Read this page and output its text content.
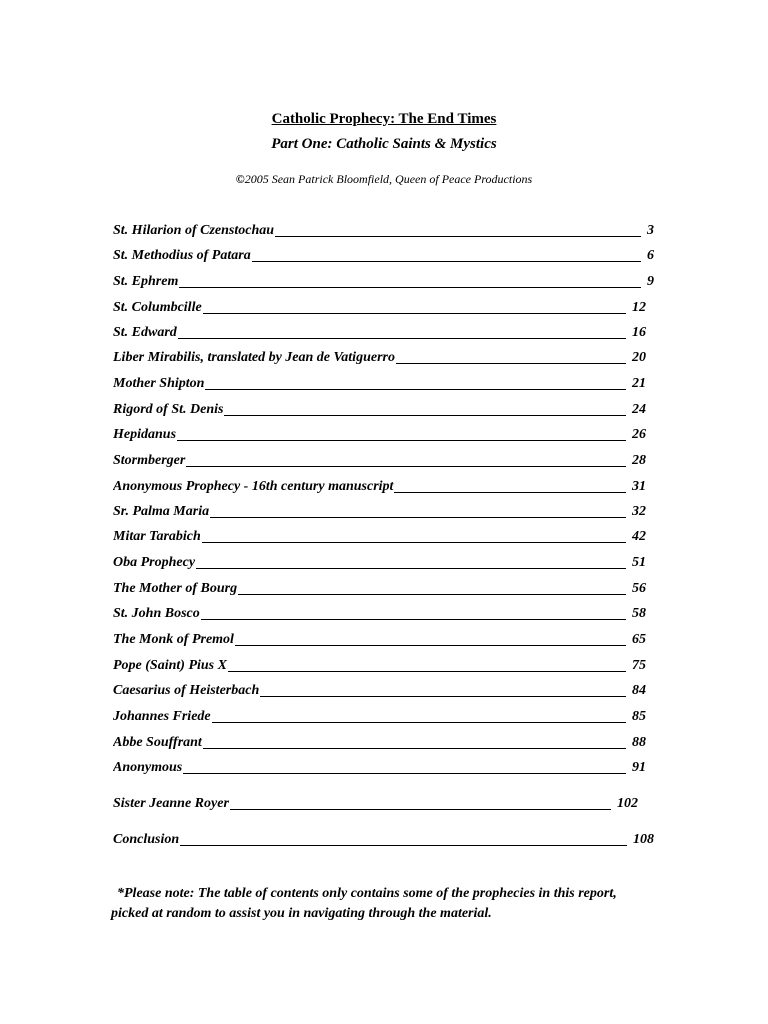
Catholic Prophecy: The End Times
Part One: Catholic Saints & Mystics
©2005 Sean Patrick Bloomfield, Queen of Peace Productions
St. Hilarion of Czenstochau	3
St. Methodius of Patara	6
St. Ephrem	9
St. Columbcille	12
St. Edward	16
Liber Mirabilis, translated by Jean de Vatiguerro	20
Mother Shipton	21
Rigord of St. Denis	24
Hepidanus	26
Stormberger	28
Anonymous Prophecy - 16th century manuscript	31
Sr. Palma Maria	32
Mitar Tarabich	42
Oba Prophecy	51
The Mother of Bourg	56
St. John Bosco	58
The Monk of Premol	65
Pope (Saint) Pius X	75
Caesarius of Heisterbach	84
Johannes Friede	85
Abbe Souffrant	88
Anonymous	91
Sister Jeanne Royer	102
Conclusion	108
*Please note: The table of contents only contains some of the prophecies in this report,
picked at random to assist you in navigating through the material.
